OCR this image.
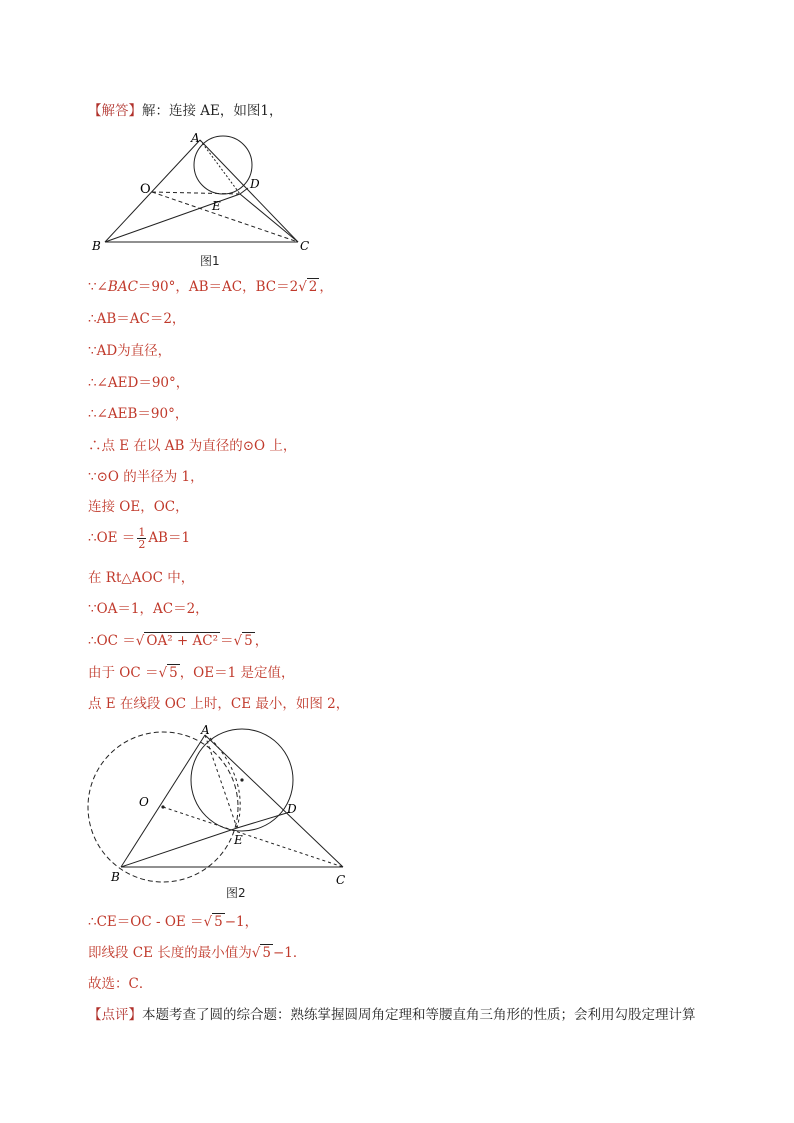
【解答】解：连接 AE，如图1，
A
O	D
E
B	C
图1
∵∠BAC＝90°，AB＝AC，BC＝2√ 2 ，
∴AB＝AC＝2，
∵AD为直径，
∴∠AED＝90°，
∴∠AEB＝90°，
∴点 E 在以 AB 为直径的⊙O 上，
∵⊙O 的半径为 1，
连接 OE，OC，
∴OE ＝ $\frac{1}{2} AB=1$
在 Rt△AOC 中，
∵OA＝1，AC＝2，
∴OC ＝√ OA² + AC² ＝√ 5 ，
由于 OC ＝√ 5 ，OE＝1 是定值，
点 E 在线段 OC 上时，CE 最小，如图 2，
A
O	D
E
B	C
图2
∴CE＝OC - OE ＝√ 5 −1，
即线段 CE 长度的最小值为√ 5 −1．
故选：C．
【点评】本题考查了圆的综合题：熟练掌握圆周角定理和等腰直角三角形的性质；会利用勾股定理计算
